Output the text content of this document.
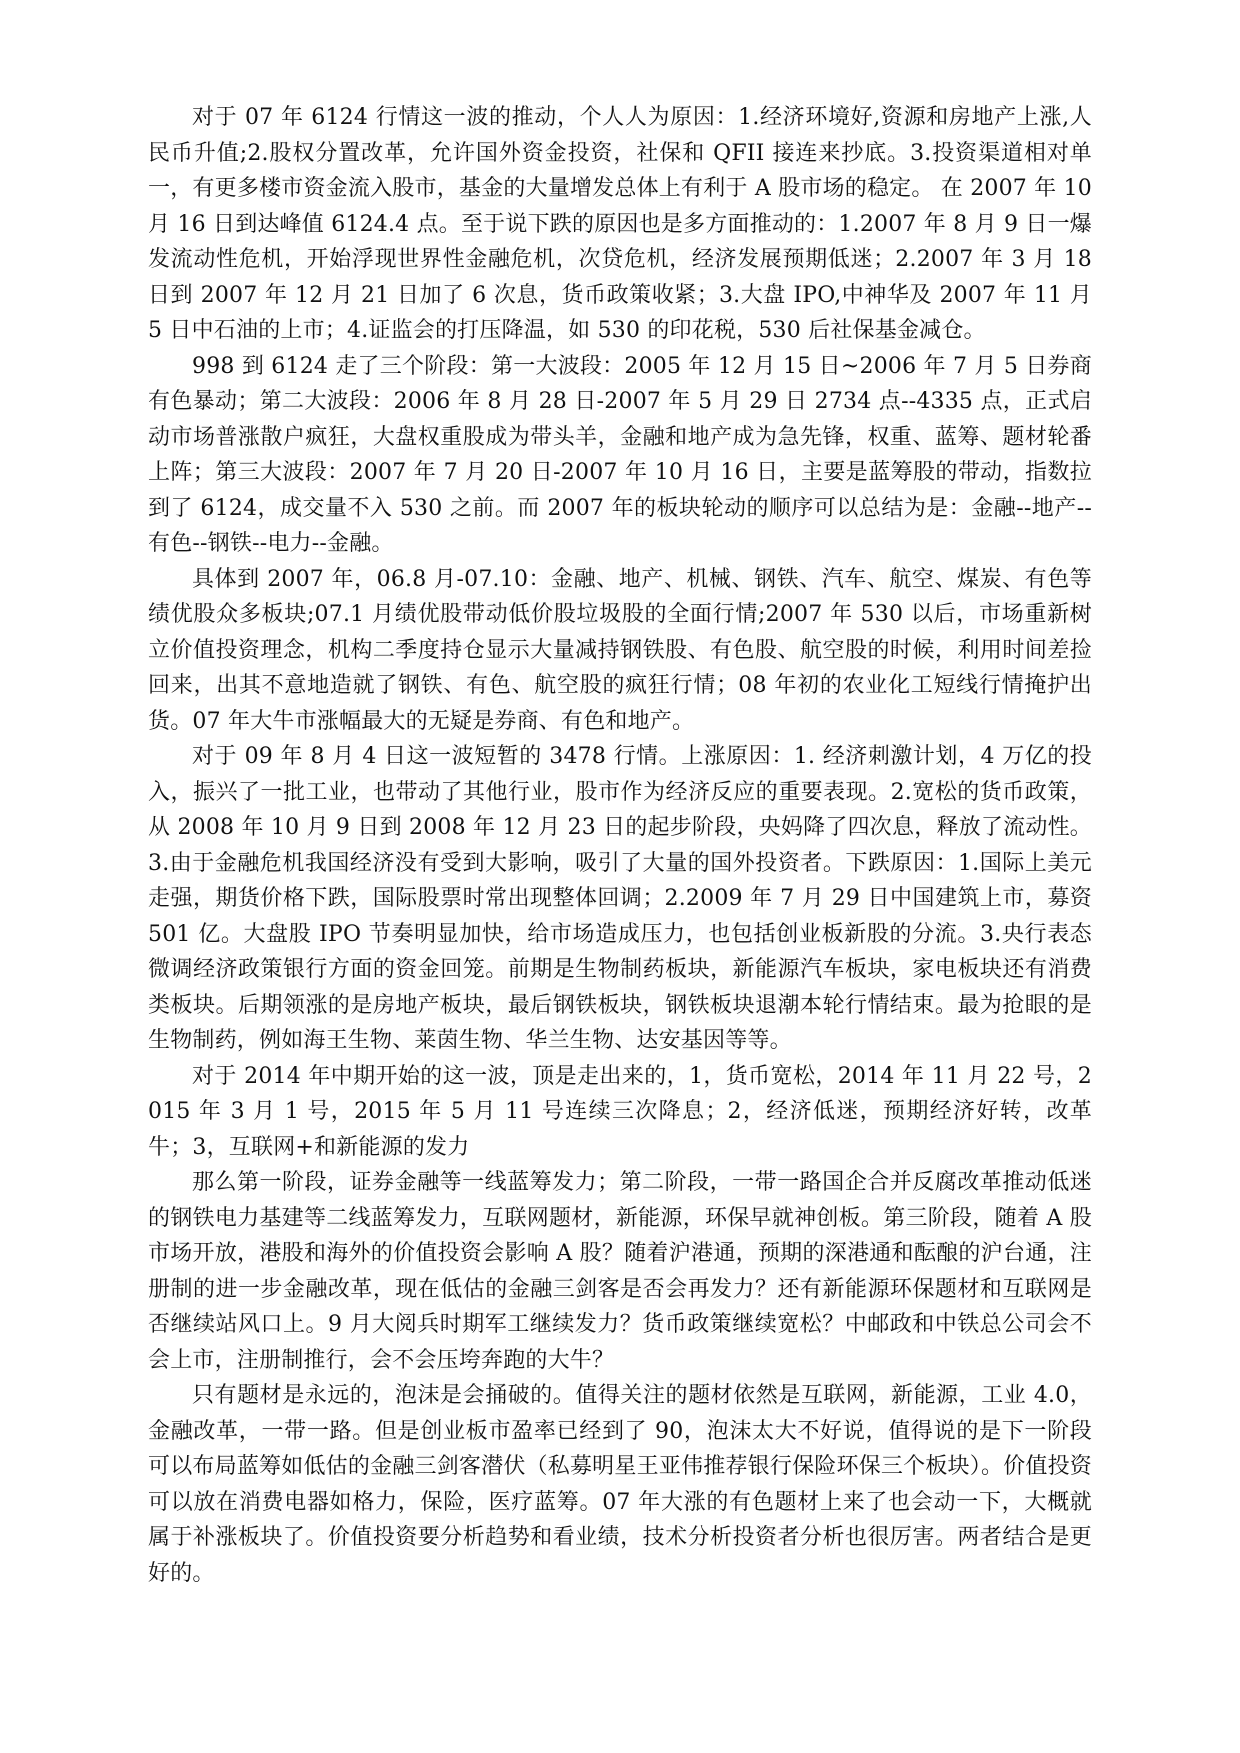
对于 07 年 6124 行情这一波的推动，个人人为原因：1.经济环境好,资源和房地产上涨,人民币升值;2.股权分置改革，允许国外资金投资，社保和 QFII 接连来抄底。3.投资渠道相对单一，有更多楼市资金流入股市，基金的大量增发总体上有利于 A 股市场的稳定。 在 2007 年 10 月 16 日到达峰值 6124.4 点。至于说下跌的原因也是多方面推动的：1.2007 年 8 月 9 日一爆发流动性危机，开始浮现世界性金融危机，次贷危机，经济发展预期低迷；2.2007 年 3 月 18 日到 2007 年 12 月 21 日加了 6 次息，货币政策收紧；3.大盘 IPO,中神华及 2007 年 11 月 5 日中石油的上市；4.证监会的打压降温，如 530 的印花税，530 后社保基金减仓。

998 到 6124 走了三个阶段：第一大波段：2005 年 12 月 15 日~2006 年 7 月 5 日券商有色暴动；第二大波段：2006 年 8 月 28 日-2007 年 5 月 29 日 2734 点--4335 点，正式启动市场普涨散户疯狂，大盘权重股成为带头羊，金融和地产成为急先锋，权重、蓝筹、题材轮番上阵；第三大波段：2007 年 7 月 20 日-2007 年 10 月 16 日，主要是蓝筹股的带动，指数拉到了 6124，成交量不入 530 之前。而 2007 年的板块轮动的顺序可以总结为是：金融--地产--有色--钢铁--电力--金融。

具体到 2007 年，06.8 月-07.10：金融、地产、机械、钢铁、汽车、航空、煤炭、有色等绩优股众多板块;07.1 月绩优股带动低价股垃圾股的全面行情;2007 年 530 以后，市场重新树立价值投资理念，机构二季度持仓显示大量减持钢铁股、有色股、航空股的时候，利用时间差捡回来，出其不意地造就了钢铁、有色、航空股的疯狂行情；08 年初的农业化工短线行情掩护出货。07 年大牛市涨幅最大的无疑是券商、有色和地产。

对于 09 年 8 月 4 日这一波短暂的 3478 行情。上涨原因：1. 经济刺激计划，4 万亿的投入，振兴了一批工业，也带动了其他行业，股市作为经济反应的重要表现。2.宽松的货币政策，从 2008 年 10 月 9 日到 2008 年 12 月 23 日的起步阶段，央妈降了四次息，释放了流动性。3.由于金融危机我国经济没有受到大影响，吸引了大量的国外投资者。下跌原因：1.国际上美元走强，期货价格下跌，国际股票时常出现整体回调；2.2009 年 7 月 29 日中国建筑上市，募资 501 亿。大盘股 IPO 节奏明显加快，给市场造成压力，也包括创业板新股的分流。3.央行表态微调经济政策银行方面的资金回笼。前期是生物制药板块，新能源汽车板块，家电板块还有消费类板块。后期领涨的是房地产板块，最后钢铁板块，钢铁板块退潮本轮行情结束。最为抢眼的是生物制药，例如海王生物、莱茵生物、华兰生物、达安基因等等。

对于 2014 年中期开始的这一波，顶是走出来的，1，货币宽松，2014 年 11 月 22 号，2015 年 3 月 1 号，2015 年 5 月 11 号连续三次降息；2，经济低迷，预期经济好转，改革牛；3，互联网+和新能源的发力

那么第一阶段，证券金融等一线蓝筹发力；第二阶段，一带一路国企合并反腐改革推动低迷的钢铁电力基建等二线蓝筹发力，互联网题材，新能源，环保早就神创板。第三阶段，随着 A 股市场开放，港股和海外的价值投资会影响 A 股？随着沪港通，预期的深港通和酝酿的沪台通，注册制的进一步金融改革，现在低估的金融三剑客是否会再发力？还有新能源环保题材和互联网是否继续站风口上。9 月大阅兵时期军工继续发力？货币政策继续宽松？中邮政和中铁总公司会不会上市，注册制推行，会不会压垮奔跑的大牛？

只有题材是永远的，泡沫是会捅破的。值得关注的题材依然是互联网，新能源，工业 4.0，金融改革，一带一路。但是创业板市盈率已经到了 90，泡沫太大不好说，值得说的是下一阶段可以布局蓝筹如低估的金融三剑客潜伏（私募明星王亚伟推荐银行保险环保三个板块）。价值投资可以放在消费电器如格力，保险，医疗蓝筹。07 年大涨的有色题材上来了也会动一下，大概就属于补涨板块了。价值投资要分析趋势和看业绩，技术分析投资者分析也很厉害。两者结合是更好的。
